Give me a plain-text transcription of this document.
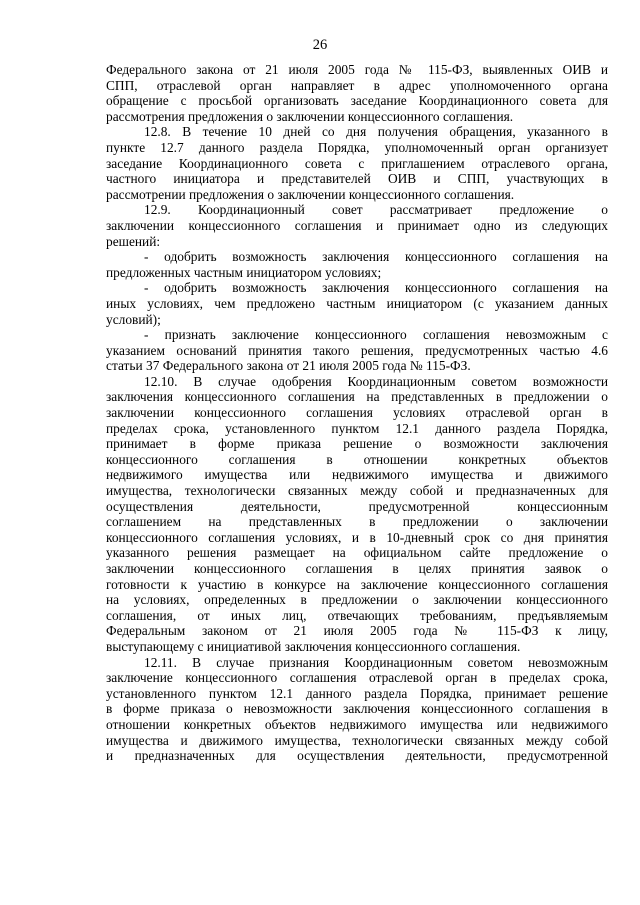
26
Федерального закона от 21 июля 2005 года № 115-ФЗ, выявленных ОИВ и
СПП, отраслевой орган направляет в адрес уполномоченного органа
обращение с просьбой организовать заседание Координационного совета для
рассмотрения предложения о заключении концессионного соглашения.
12.8. В течение 10 дней со дня получения обращения, указанного в
пункте 12.7 данного раздела Порядка, уполномоченный орган организует
заседание Координационного совета с приглашением отраслевого органа,
частного инициатора и представителей ОИВ и СПП, участвующих в
рассмотрении предложения о заключении концессионного соглашения.
12.9. Координационный совет рассматривает предложение о
заключении концессионного соглашения и принимает одно из следующих
решений:
- одобрить возможность заключения концессионного соглашения на
предложенных частным инициатором условиях;
- одобрить возможность заключения концессионного соглашения на
иных условиях, чем предложено частным инициатором (с указанием данных
условий);
- признать заключение концессионного соглашения невозможным с
указанием оснований принятия такого решения, предусмотренных частью 4.6
статьи 37 Федерального закона от 21 июля 2005 года № 115-ФЗ.
12.10. В случае одобрения Координационным советом возможности
заключения концессионного соглашения на представленных в предложении о
заключении концессионного соглашения условиях отраслевой орган в
пределах срока, установленного пунктом 12.1 данного раздела Порядка,
принимает в форме приказа решение о возможности заключения
концессионного соглашения в отношении конкретных объектов
недвижимого имущества или недвижимого имущества и движимого
имущества, технологически связанных между собой и предназначенных для
осуществления деятельности, предусмотренной концессионным
соглашением на представленных в предложении о заключении
концессионного соглашения условиях, и в 10-дневный срок со дня принятия
указанного решения размещает на официальном сайте предложение о
заключении концессионного соглашения в целях принятия заявок о
готовности к участию в конкурсе на заключение концессионного соглашения
на условиях, определенных в предложении о заключении концессионного
соглашения, от иных лиц, отвечающих требованиям, предъявляемым
Федеральным законом от 21 июля 2005 года № 115-ФЗ к лицу,
выступающему с инициативой заключения концессионного соглашения.
12.11. В случае признания Координационным советом невозможным
заключение концессионного соглашения отраслевой орган в пределах срока,
установленного пунктом 12.1 данного раздела Порядка, принимает решение
в форме приказа о невозможности заключения концессионного соглашения в
отношении конкретных объектов недвижимого имущества или недвижимого
имущества и движимого имущества, технологически связанных между собой
и предназначенных для осуществления деятельности, предусмотренной
